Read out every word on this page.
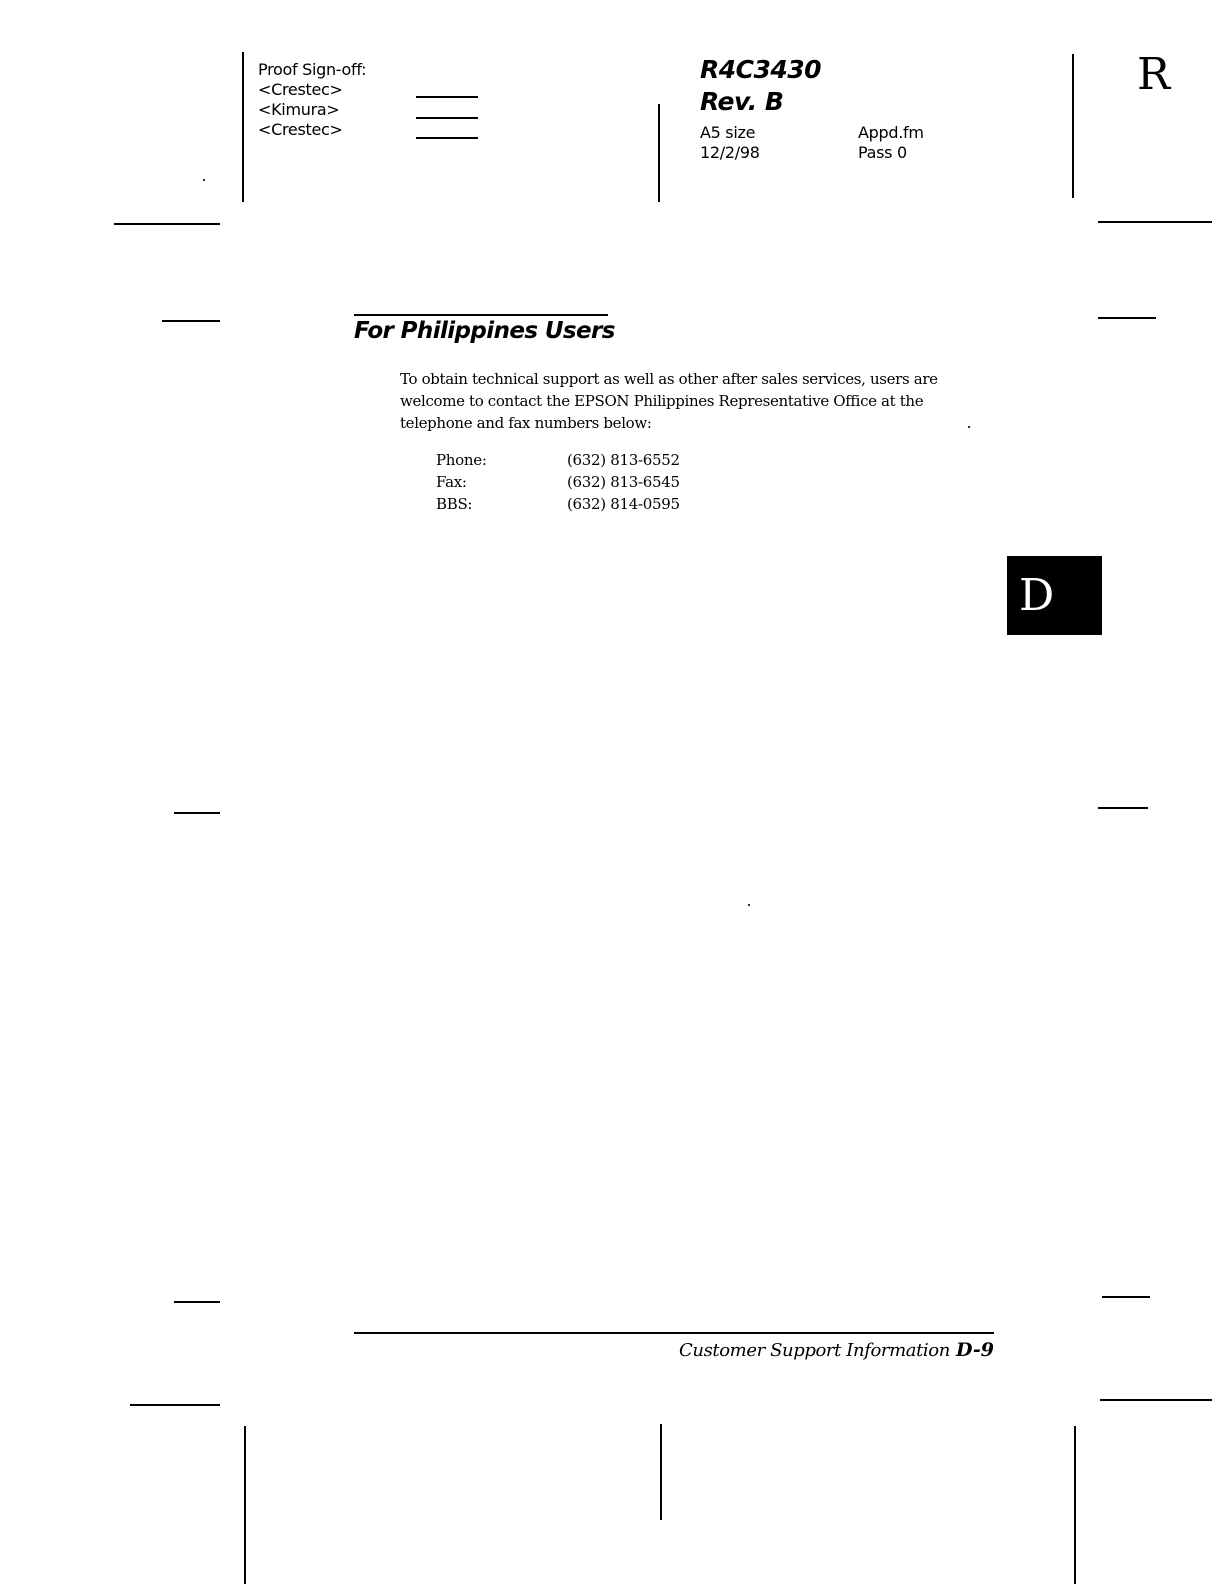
Proof Sign-off:
<Crestec>
<Kimura>
<Crestec>
R4C3430
Rev. B
A5 size	Appd.fm
12/2/98	Pass 0
R
For Philippines Users
To obtain technical support as well as other after sales services, users are welcome to contact the EPSON Philippines Representative Office at the telephone and fax numbers below:
Phone:	(632) 813-6552
Fax:	(632) 813-6545
BBS:	(632) 814-0595
D
Customer Support Information D-9
